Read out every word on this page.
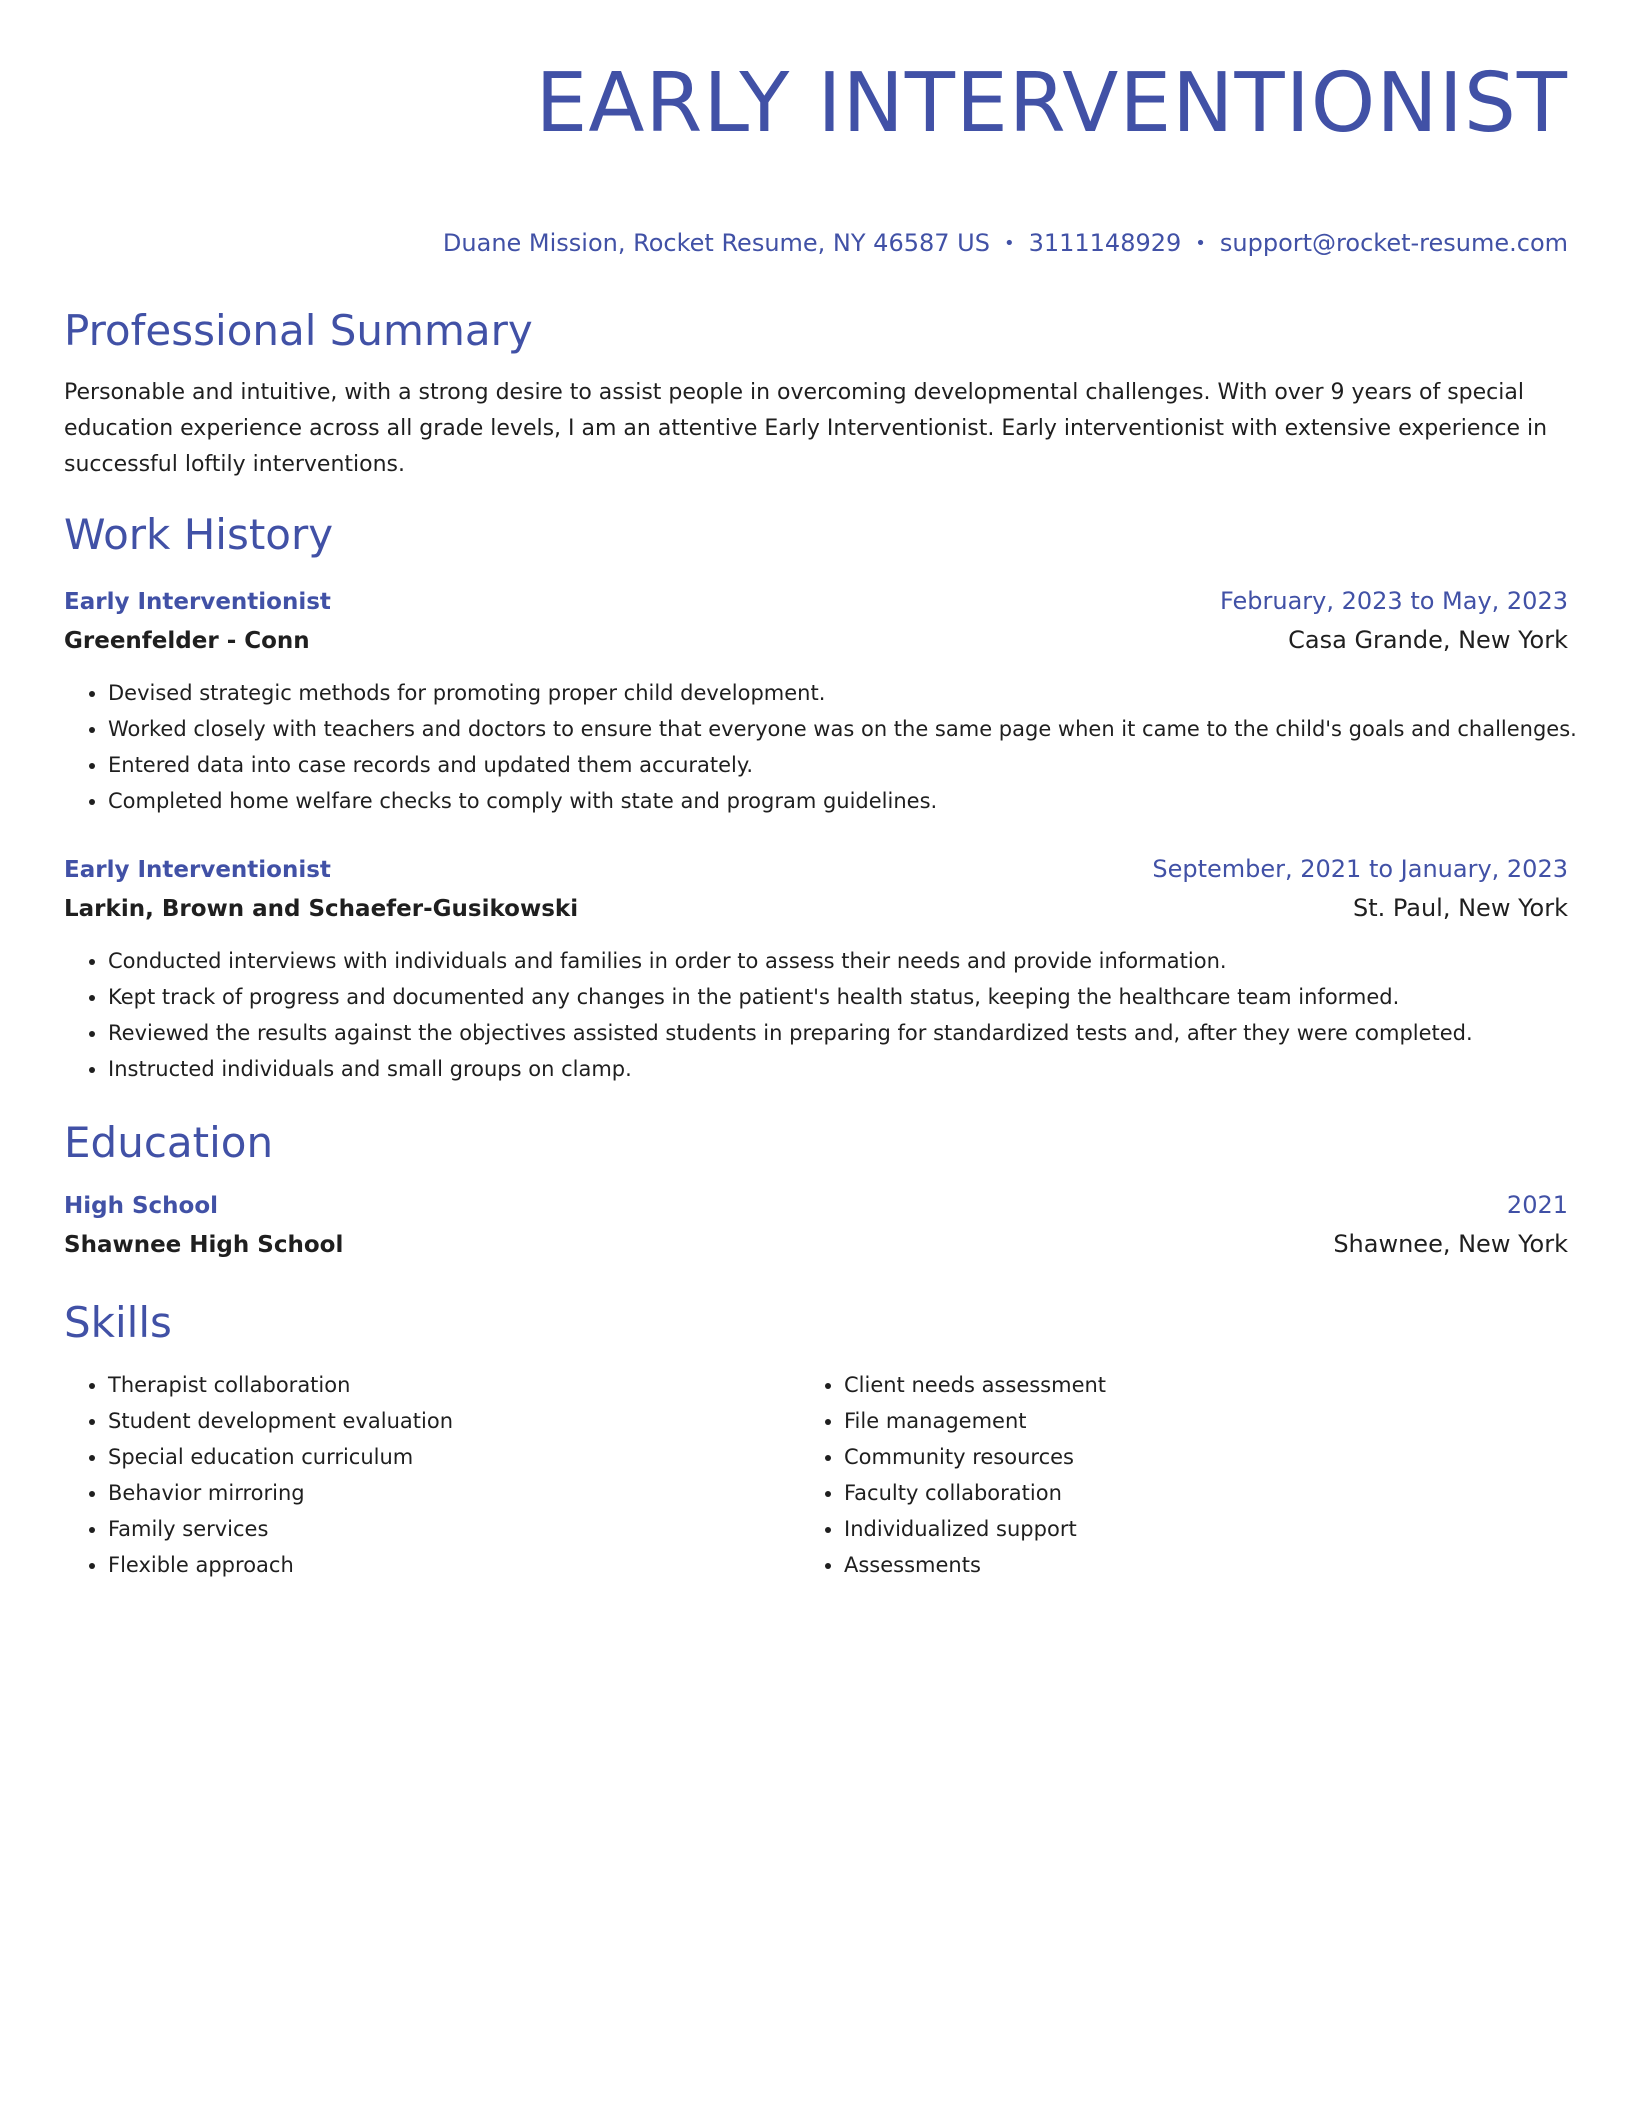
EARLY INTERVENTIONIST
Duane Mission, Rocket Resume, NY 46587 US • 3111148929 • support@rocket-resume.com
Professional Summary

Personable and intuitive, with a strong desire to assist people in overcoming developmental challenges. With over 9 years of special education experience across all grade levels, I am an attentive Early Interventionist. Early interventionist with extensive experience in successful loftily interventions.

Work History
Early Interventionist	February, 2023 to May, 2023
Greenfelder - Conn	Casa Grande, New York
• Devised strategic methods for promoting proper child development.
• Worked closely with teachers and doctors to ensure that everyone was on the same page when it came to the child's goals and challenges.
• Entered data into case records and updated them accurately.
• Completed home welfare checks to comply with state and program guidelines.
Early Interventionist	September, 2021 to January, 2023
Larkin, Brown and Schaefer-Gusikowski	St. Paul, New York
• Conducted interviews with individuals and families in order to assess their needs and provide information.
• Kept track of progress and documented any changes in the patient's health status, keeping the healthcare team informed.
• Reviewed the results against the objectives assisted students in preparing for standardized tests and, after they were completed.
• Instructed individuals and small groups on clamp.
Education
High School	2021
Shawnee High School	Shawnee, New York
Skills
• Therapist collaboration
• Student development evaluation
• Special education curriculum
• Behavior mirroring
• Family services
• Flexible approach
• Client needs assessment
• File management
• Community resources
• Faculty collaboration
• Individualized support
• Assessments
